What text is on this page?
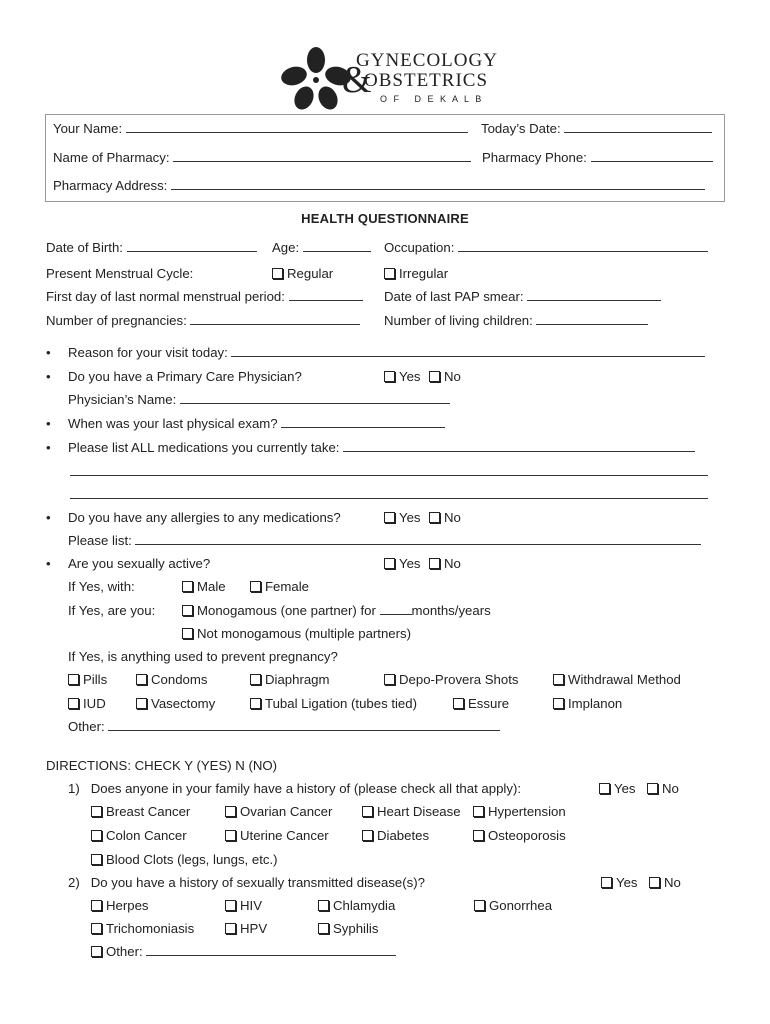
GYNECOLOGY
&
OBSTETRICS
O F   D E K A L B
Your Name:	Today’s Date:
Name of Pharmacy:	Pharmacy Phone:
Pharmacy Address:
HEALTH QUESTIONNAIRE
Date of Birth:	Age:	Occupation:
Present Menstrual Cycle:	Regular	Irregular
First day of last normal menstrual period:	Date of last PAP smear:
Number of pregnancies:	Number of living children:
• Reason for your visit today:
• Do you have a Primary Care Physician?	Yes	No
Physician’s Name:
• When was your last physical exam?
• Please list ALL medications you currently take:
• Do you have any allergies to any medications?	Yes	No
Please list:
• Are you sexually active?	Yes	No
If Yes, with:	Male	Female
If Yes, are you:	Monogamous (one partner) for	months/years
Not monogamous (multiple partners)
If Yes, is anything used to prevent pregnancy?
Pills	Condoms	Diaphragm	Depo-Provera Shots	Withdrawal Method
IUD	Vasectomy	Tubal Ligation (tubes tied)	Essure	Implanon
Other:
DIRECTIONS: CHECK Y (YES) N (NO)
1)   Does anyone in your family have a history of (please check all that apply):	Yes	No
Breast Cancer	Ovarian Cancer	Heart Disease	Hypertension
Colon Cancer	Uterine Cancer	Diabetes	Osteoporosis
Blood Clots (legs, lungs, etc.)
2)   Do you have a history of sexually transmitted disease(s)?	Yes	No
Herpes	HIV	Chlamydia	Gonorrhea
Trichomoniasis	HPV	Syphilis
Other:
